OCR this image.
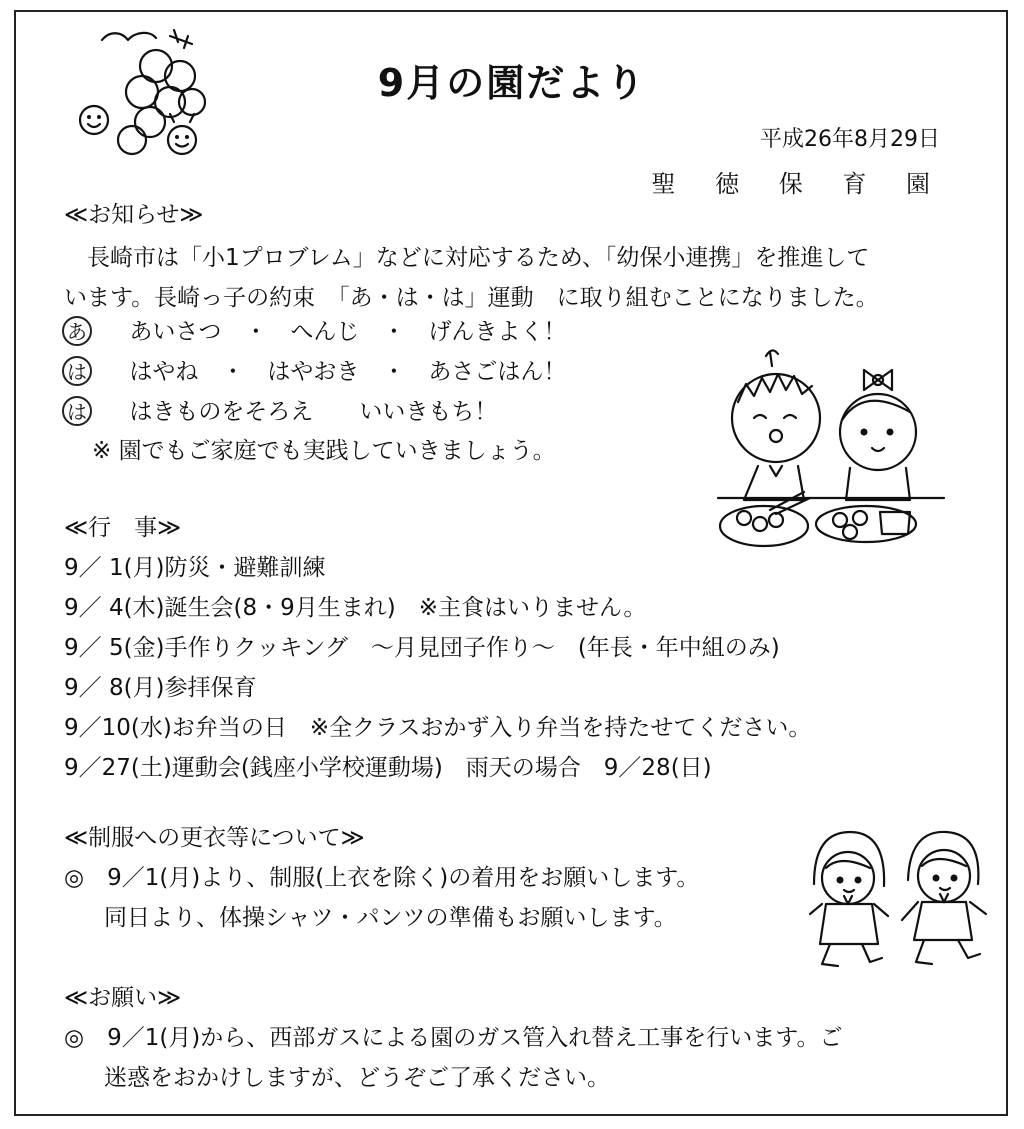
9月の園だより
平成26年8月29日
聖 徳 保 育 園
≪お知らせ≫
　長崎市は「小1プロブレム」などに対応するため、「幼保小連携」を推進して
います。長崎っ子の約束　「あ・は・は」運動　に取り組むことになりました。
あ あいさつ　・　へんじ　・　げんきよく！
は はやね　・　はやおき　・　あさごはん！
は はきものをそろえ　　いいきもち！
※ 園でもご家庭でも実践していきましょう。
≪行　事≫
9／ 1(月)防災・避難訓練
9／ 4(木)誕生会(8・9月生まれ)　※主食はいりません。
9／ 5(金)手作りクッキング　～月見団子作り～　(年長・年中組のみ)
9／ 8(月)参拝保育
9／10(水)お弁当の日　※全クラスおかず入り弁当を持たせてください。
9／27(土)運動会(銭座小学校運動場)　雨天の場合　9／28(日)
≪制服への更衣等について≫
◎　9／1(月)より、制服(上衣を除く)の着用をお願いします。
同日より、体操シャツ・パンツの準備もお願いします。
≪お願い≫
◎　9／1(月)から、西部ガスによる園のガス管入れ替え工事を行います。ご
迷惑をおかけしますが、どうぞご了承ください。
